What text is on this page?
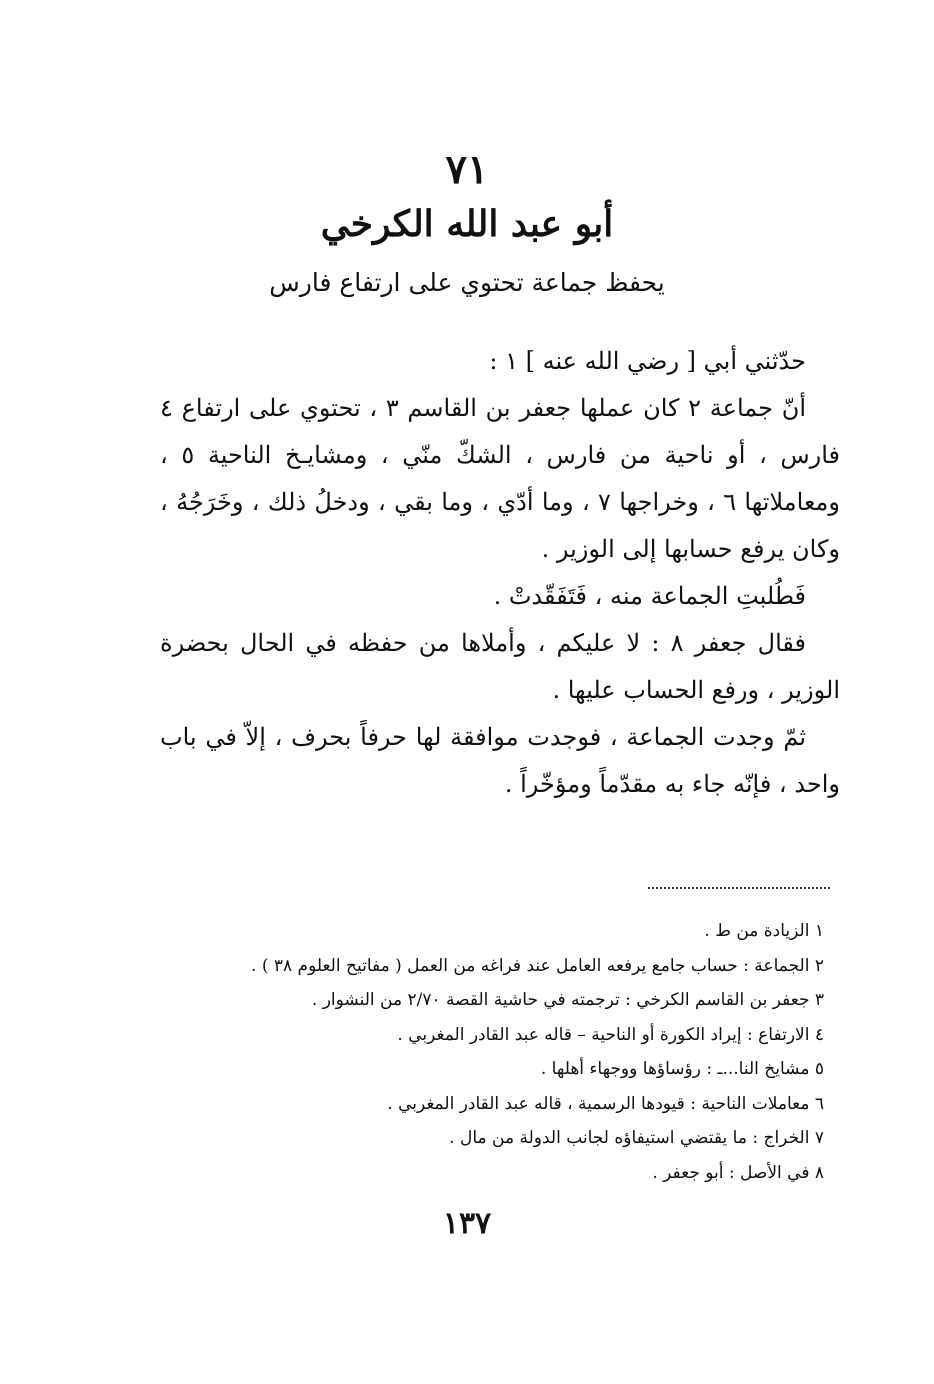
٧١
أبو عبد الله الكرخي
يحفظ جماعة تحتوي على ارتفاع فارس

حدّثني أبي [ رضي الله عنه ] ١ :

أنّ جماعة ٢ كان عملها جعفر بن القاسم ٣ ، تحتوي على ارتفاع ٤ فارس ، أو ناحية من فارس ، الشكّ منّي ، ومشايـخ الناحية ٥ ، ومعاملاتها ٦ ، وخراجها ٧ ، وما أدّي ، وما بقي ، ودخلُ ذلك ، وخَرَجُهُ ، وكان يرفع حسابها إلى الوزير .

فَطُلبتِ الجماعة منه ، فَتَفَقّدتْ .

فقال جعفر ٨ : لا عليكم ، وأملاها من حفظه في الحال بحضرة الوزير ، ورفع الحساب عليها .

ثمّ وجدت الجماعة ، فوجدت موافقة لها حرفاً بحرف ، إلاّ في باب واحد ، فإنّه جاء به مقدّماً ومؤخّراً .

١ الزيادة من ط .
٢ الجماعة : حساب جامع يرفعه العامل عند فراغه من العمل ( مفاتيح العلوم ٣٨ ) .
٣ جعفر بن القاسم الكرخي : ترجمته في حاشية القصة ٢/٧٠ من النشوار .
٤ الارتفاع : إيراد الكورة أو الناحية – قاله عبد القادر المغربي .
٥ مشايخ النا...ـ : رؤساؤها ووجهاء أهلها .
٦ معاملات الناحية : قيودها الرسمية ، قاله عبد القادر المغربي .
٧ الخراج : ما يقتضي استيفاؤه لجانب الدولة من مال .
٨ في الأصل : أبو جعفر .
١٣٧
